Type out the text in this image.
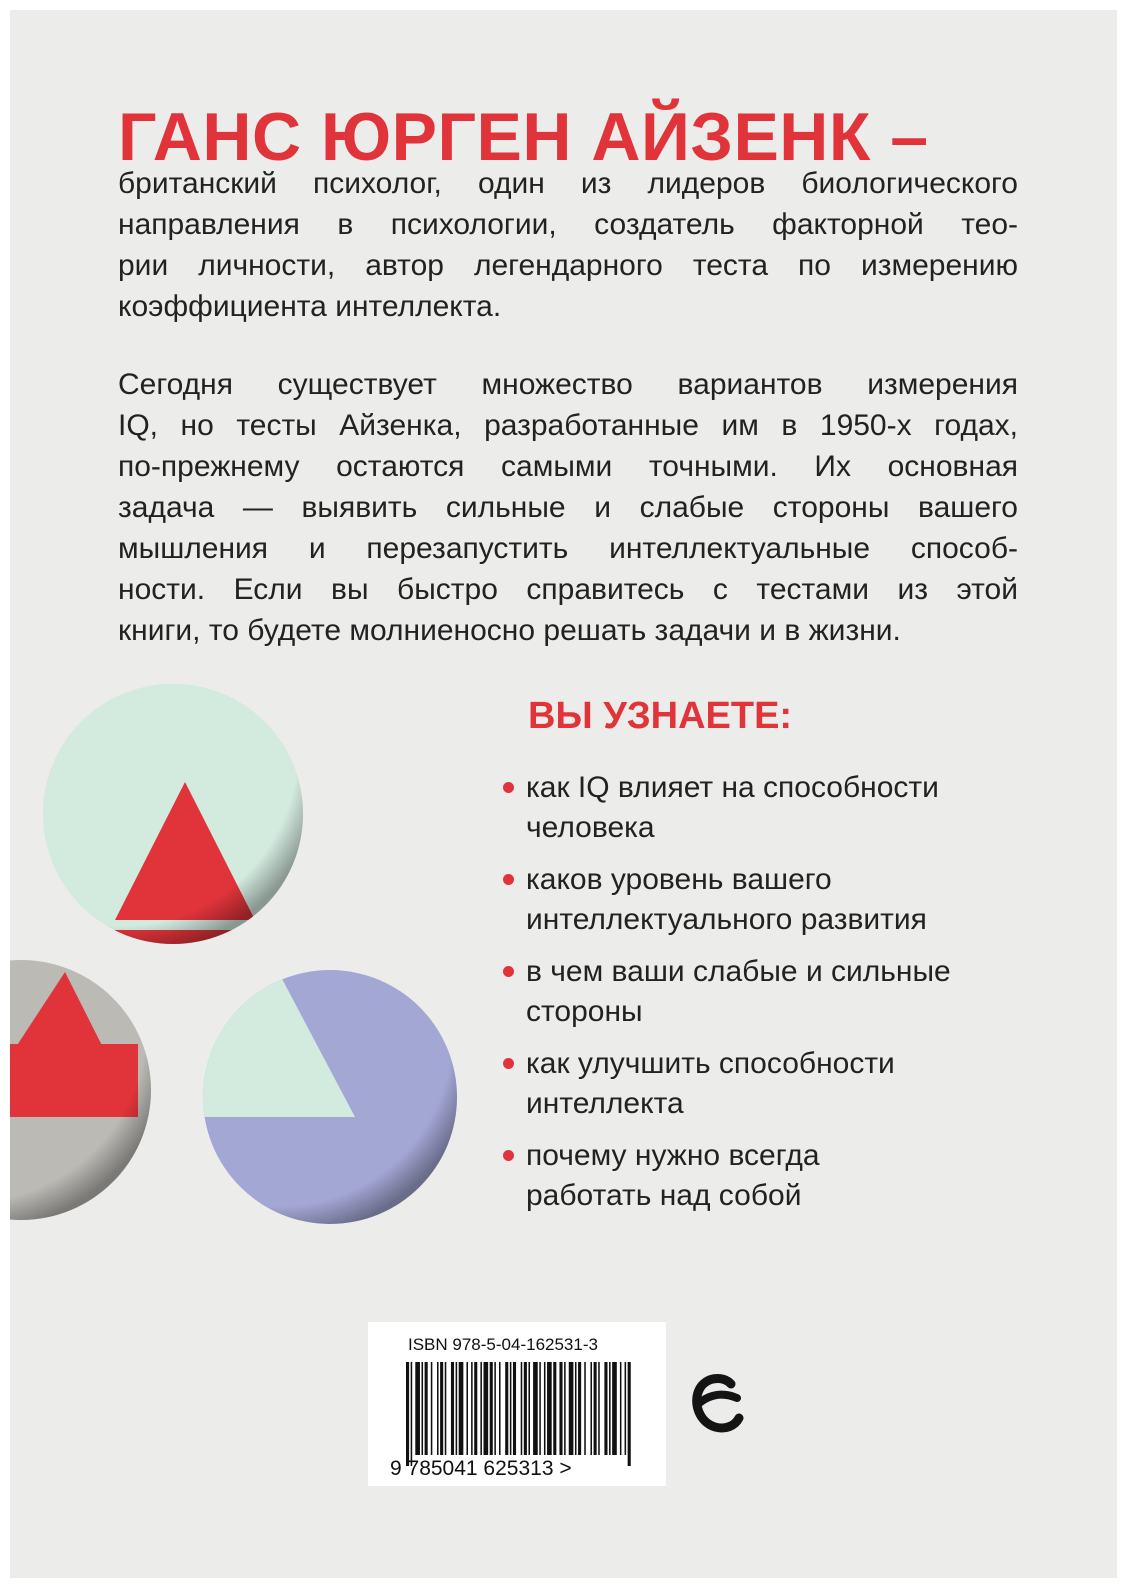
ГАНС ЮРГЕН АЙЗЕНК –
британский психолог, один из лидеров биологического
направления в психологии, создатель факторной тео-
рии личности, автор легендарного теста по измерению
коэффициента интеллекта.
Сегодня существует множество вариантов измерения
IQ, но тесты Айзенка, разработанные им в 1950-х годах,
по-прежнему остаются самыми точными. Их основная
задача — выявить сильные и слабые стороны вашего
мышления и перезапустить интеллектуальные способ-
ности. Если вы быстро справитесь с тестами из этой
книги, то будете молниеносно решать задачи и в жизни.
ВЫ УЗНАЕТЕ:
как IQ влияет на способности
человека
каков уровень вашего
интеллектуального развития
в чем ваши слабые и сильные
стороны
как улучшить способности
интеллекта
почему нужно всегда
работать над собой
ISBN 978-5-04-162531-3
9 785041 625313 >
